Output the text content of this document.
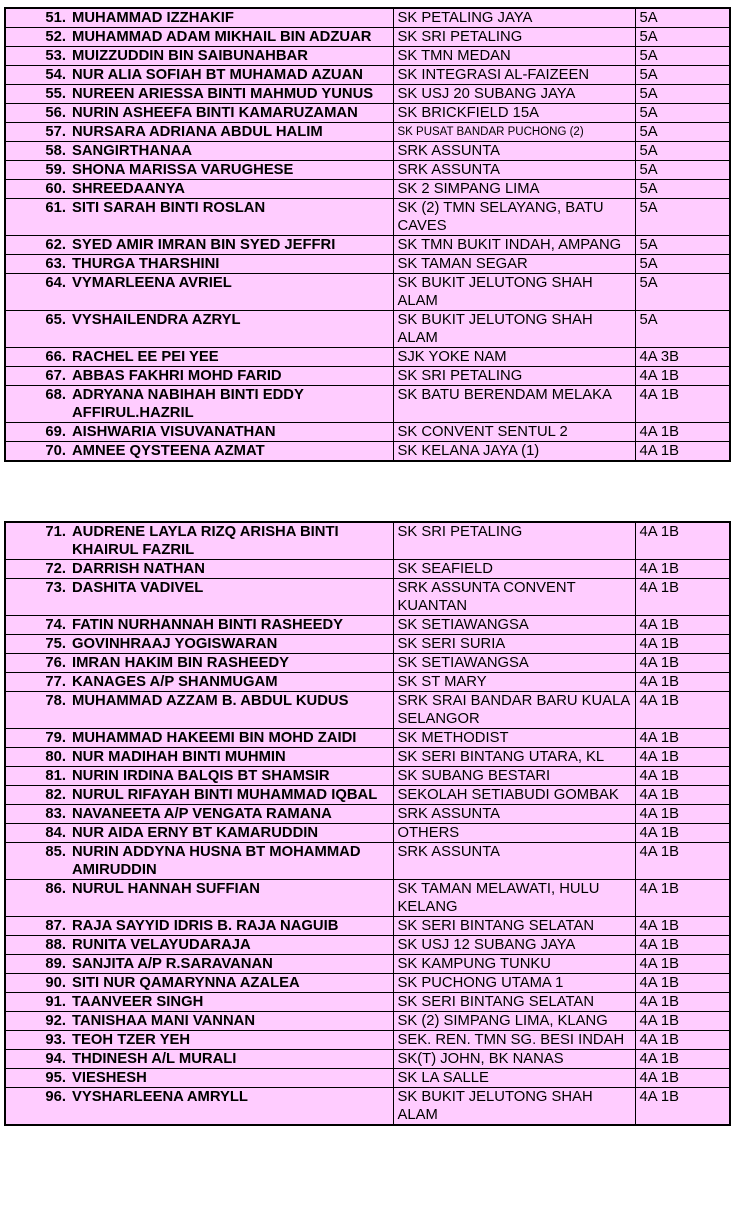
51. MUHAMMAD IZZHAKIF	SK PETALING JAYA	5A

52. MUHAMMAD ADAM MIKHAIL BIN ADZUAR	SK SRI PETALING	5A

53. MUIZZUDDIN BIN SAIBUNAHBAR	SK TMN MEDAN	5A

54. NUR ALIA SOFIAH BT MUHAMAD AZUAN	SK INTEGRASI AL-FAIZEEN	5A

55. NUREEN ARIESSA BINTI MAHMUD YUNUS	SK USJ 20 SUBANG JAYA	5A

56. NURIN ASHEEFA BINTI KAMARUZAMAN	SK BRICKFIELD 15A	5A

57. NURSARA ADRIANA ABDUL HALIM	SK PUSAT BANDAR PUCHONG (2)	5A

58. SANGIRTHANAA	SRK ASSUNTA	5A

59. SHONA MARISSA VARUGHESE	SRK ASSUNTA	5A

60. SHREEDAANYA	SK 2 SIMPANG LIMA	5A

61. SITI SARAH BINTI ROSLAN	SK (2) TMN SELAYANG, BATU CAVES	5A

62. SYED AMIR IMRAN BIN SYED JEFFRI	SK TMN BUKIT INDAH, AMPANG	5A

63. THURGA THARSHINI	SK TAMAN SEGAR	5A

64. VYMARLEENA AVRIEL	SK BUKIT JELUTONG SHAH ALAM	5A

65. VYSHAILENDRA AZRYL	SK BUKIT JELUTONG SHAH ALAM	5A

66. RACHEL EE PEI YEE	SJK YOKE NAM	4A 3B

67. ABBAS FAKHRI MOHD FARID	SK SRI PETALING	4A 1B

68. ADRYANA NABIHAH BINTI EDDY AFFIRUL.HAZRIL	SK BATU BERENDAM MELAKA	4A 1B

69. AISHWARIA VISUVANATHAN	SK CONVENT SENTUL 2	4A 1B

70. AMNEE QYSTEENA AZMAT	SK KELANA JAYA (1)	4A 1B
71. AUDRENE LAYLA RIZQ ARISHA BINTI KHAIRUL FAZRIL	SK SRI PETALING	4A 1B

72. DARRISH NATHAN	SK SEAFIELD	4A 1B

73. DASHITA VADIVEL	SRK ASSUNTA CONVENT KUANTAN	4A 1B

74. FATIN NURHANNAH BINTI RASHEEDY	SK SETIAWANGSA	4A 1B

75. GOVINHRAAJ YOGISWARAN	SK SERI SURIA	4A 1B

76. IMRAN HAKIM BIN RASHEEDY	SK SETIAWANGSA	4A 1B

77. KANAGES A/P SHANMUGAM	SK ST MARY	4A 1B

78. MUHAMMAD AZZAM B. ABDUL KUDUS	SRK SRAI BANDAR BARU KUALA SELANGOR	4A 1B

79. MUHAMMAD HAKEEMI BIN MOHD ZAIDI	SK METHODIST	4A 1B

80. NUR MADIHAH BINTI MUHMIN	SK SERI BINTANG UTARA, KL	4A 1B

81. NURIN IRDINA BALQIS BT SHAMSIR	SK SUBANG BESTARI	4A 1B

82. NURUL RIFAYAH BINTI MUHAMMAD IQBAL	SEKOLAH SETIABUDI GOMBAK	4A 1B

83. NAVANEETA A/P VENGATA RAMANA	SRK ASSUNTA	4A 1B

84. NUR AIDA ERNY BT KAMARUDDIN	OTHERS	4A 1B

85. NURIN ADDYNA HUSNA BT MOHAMMAD AMIRUDDIN	SRK ASSUNTA	4A 1B

86. NURUL HANNAH SUFFIAN	SK TAMAN MELAWATI, HULU KELANG	4A 1B

87. RAJA SAYYID IDRIS B. RAJA NAGUIB	SK SERI BINTANG SELATAN	4A 1B

88. RUNITA VELAYUDARAJA	SK USJ 12 SUBANG JAYA	4A 1B

89. SANJITA A/P R.SARAVANAN	SK KAMPUNG TUNKU	4A 1B

90. SITI NUR QAMARYNNA AZALEA	SK PUCHONG UTAMA 1	4A 1B

91. TAANVEER SINGH	SK SERI BINTANG SELATAN	4A 1B

92. TANISHAA MANI VANNAN	SK (2) SIMPANG LIMA, KLANG	4A 1B

93. TEOH TZER YEH	SEK. REN. TMN SG. BESI INDAH	4A 1B

94. THDINESH A/L MURALI	SK(T) JOHN, BK NANAS	4A 1B

95. VIESHESH	SK LA SALLE	4A 1B

96. VYSHARLEENA AMRYLL	SK BUKIT JELUTONG SHAH ALAM	4A 1B
